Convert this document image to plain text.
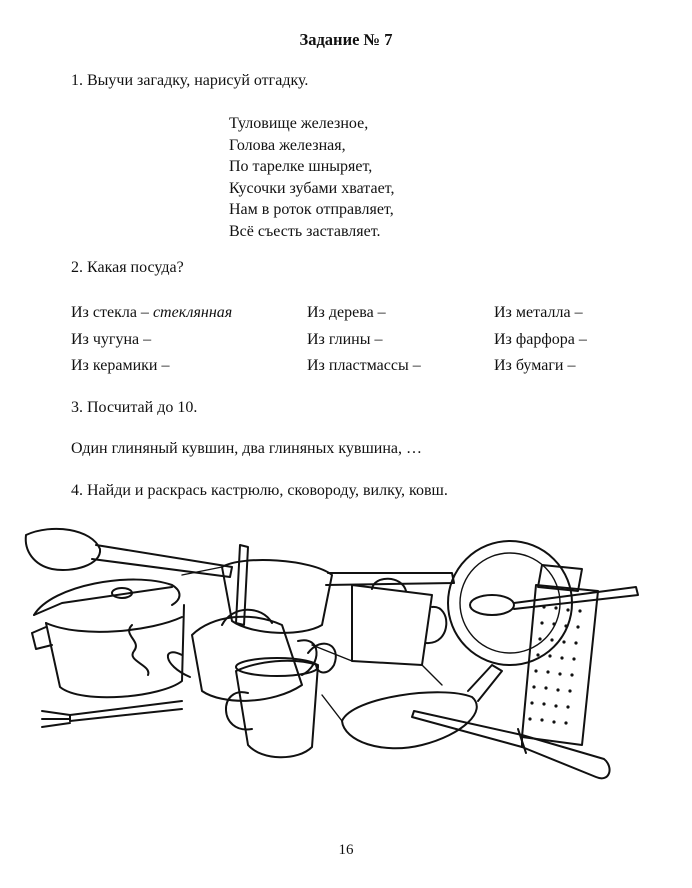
Задание № 7
1. Выучи загадку, нарисуй отгадку.
Туловище железное,
Голова железная,
По тарелке шныряет,
Кусочки зубами хватает,
Нам в роток отправляет,
Всё съесть заставляет.
2. Какая посуда?
Из стекла – стеклянная	Из дерева –	Из металла –
Из чугуна –	Из глины –	Из фарфора –
Из керамики –	Из пластмассы –	Из бумаги –
3. Посчитай до 10.
Один глиняный кувшин, два глиняных кувшина, …
4. Найди и раскрась кастрюлю, сковороду, вилку, ковш.
16
